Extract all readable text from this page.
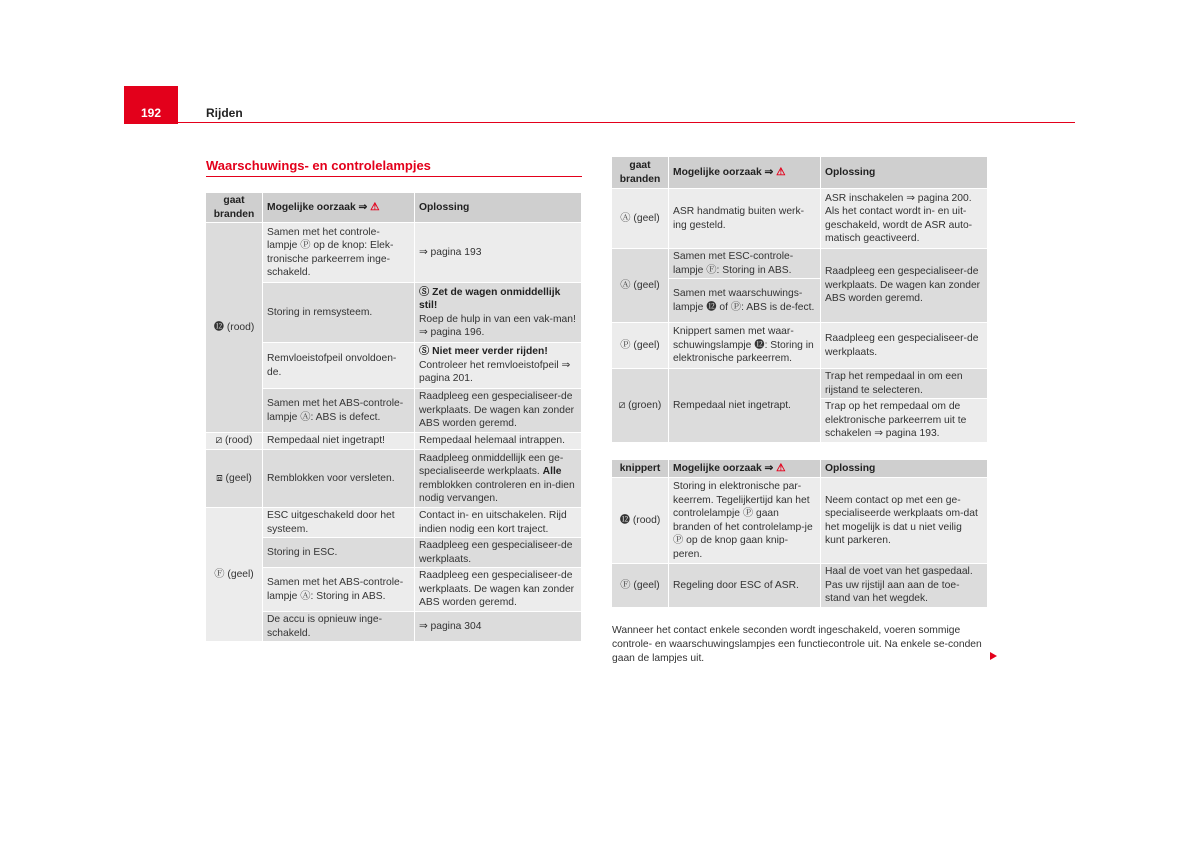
192	Rijden
Waarschuwings- en controlelampjes
gaat branden	Mogelijke oorzaak ⇒ ⚠	Oplossing
⓬ (rood)	Samen met het controle-lampje Ⓟ op de knop: Elek-tronische parkeerrem inge-schakeld.	⇒ pagina 193
	Storing in remsysteem.	Ⓢ Zet de wagen onmiddellijk stil!
Roep de hulp in van een vak-man! ⇒ pagina 196.

	Remvloeistofpeil onvoldoen-de.	Ⓢ Niet meer verder rijden!
Controleer het remvloeistofpeil ⇒ pagina 201.

	Samen met het ABS-controle-lampje Ⓐ: ABS is defect.	Raadpleeg een gespecialiseer-de werkplaats. De wagen kan zonder ABS worden geremd.
⧄ (rood)	Rempedaal niet ingetrapt!	Rempedaal helemaal intrappen.
⧈ (geel)	Remblokken voor versleten.	Raadpleeg onmiddellijk een ge-specialiseerde werkplaats. Alle remblokken controleren en in-dien nodig vervangen.
Ⓕ (geel)	ESC uitgeschakeld door het systeem.	Contact in- en uitschakelen. Rijd indien nodig een kort traject.
	Storing in ESC.	Raadpleeg een gespecialiseer-de werkplaats.
	Samen met het ABS-controle-lampje Ⓐ: Storing in ABS.	Raadpleeg een gespecialiseer-de werkplaats. De wagen kan zonder ABS worden geremd.
	De accu is opnieuw inge-schakeld.	⇒ pagina 304
gaat branden	Mogelijke oorzaak ⇒ ⚠	Oplossing
Ⓐ (geel)	ASR handmatig buiten werk-ing gesteld.	ASR inschakelen ⇒ pagina 200. Als het contact wordt in- en uit-geschakeld, wordt de ASR auto-matisch geactiveerd.
Ⓐ (geel)	Samen met ESC-controle-lampje Ⓕ: Storing in ABS.	Raadpleeg een gespecialiseer-de werkplaats. De wagen kan zonder ABS worden geremd.
	Samen met waarschuwings-lampje ⓬ of Ⓟ: ABS is de-fect.	
Ⓟ (geel)	Knippert samen met waar-schuwingslampje ⓬: Storing in elektronische parkeerrem.	Raadpleeg een gespecialiseer-de werkplaats.
⧄ (groen)	Rempedaal niet ingetrapt.	Trap het rempedaal in om een rijstand te selecteren.
		Trap op het rempedaal om de elektronische parkeerrem uit te schakelen ⇒ pagina 193.
knippert	Mogelijke oorzaak ⇒ ⚠	Oplossing
⓬ (rood)	Storing in elektronische par-keerrem. Tegelijkertijd kan het controlelampje Ⓟ gaan branden of het controlelamp-je Ⓟ op de knop gaan knip-peren.	Neem contact op met een ge-specialiseerde werkplaats om-dat het mogelijk is dat u niet veilig kunt parkeren.
Ⓕ (geel)	Regeling door ESC of ASR.	Haal de voet van het gaspedaal. Pas uw rijstijl aan aan de toe-stand van het wegdek.
Wanneer het contact enkele seconden wordt ingeschakeld, voeren sommige controle- en waarschuwingslampjes een functiecontrole uit. Na enkele se-conden gaan de lampjes uit.
